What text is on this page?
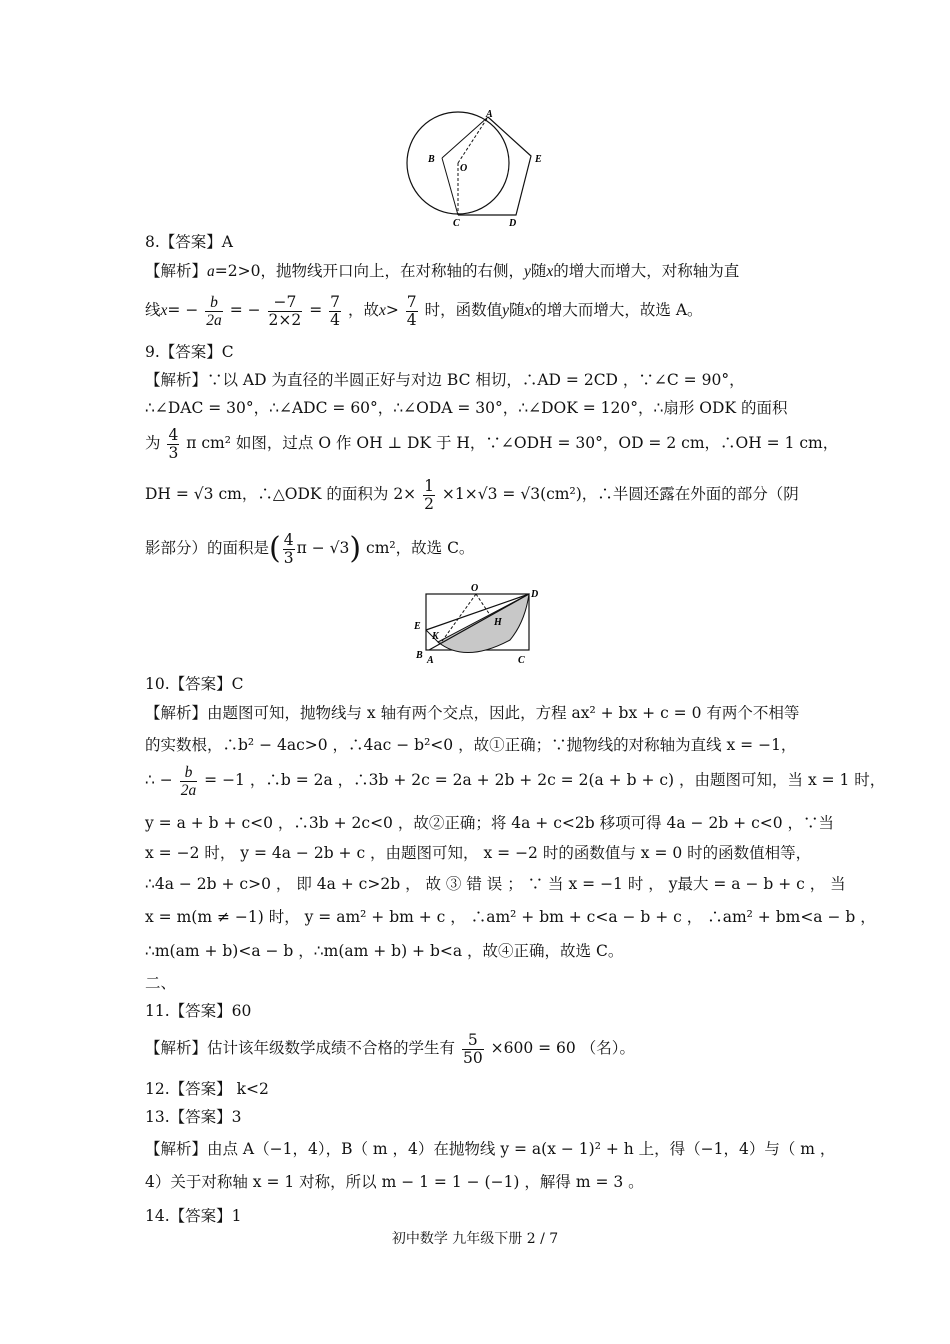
A
B
O
C	D
E
8.【答案】A
【解析】a=2>0，抛物线开口向上，在对称轴的右侧，y随x的增大而增大，对称轴为直
线$x= - \frac{b}{2a}$ = − $\frac{-7}{2\times 2} = \frac{7}{4}$ ，故$x> \frac{7}{4}$ 时，函数值y随x的增大而增大，故选 A。
9.【答案】C
【解析】∵以 AD 为直径的半圆正好与对边 BC 相切，∴AD = 2CD ，∵∠C = 90°，
∴∠DAC = 30°，∴∠ADC = 60°，∴∠ODA = 30°，∴∠DOK = 120°，∴扇形 ODK 的面积
为 $\frac{4}{3}$ π cm² 如图，过点 O 作 OH ⊥ DK 于 H，∵∠ODH = 30°，OD = 2 cm，∴OH = 1 cm，
DH = √3 cm，∴△ODK 的面积为 $2\times \frac{1}{2} \times 1\times√3 = √3(cm^2)$，∴半圆还露在外面的部分（阴
影部分）的面积是( $\frac{4}{3}$ π − √3) cm²，故选 C。
O
D
E	H
K
B A	C
10.【答案】C
【解析】由题图可知，抛物线与 x 轴有两个交点，因此，方程 ax² + bx + c = 0 有两个不相等
的实数根，∴b² − 4ac>0 ，∴4ac − b²<0 ，故①正确；∵抛物线的对称轴为直线 x = −1，
∴ − $\frac{b}{2a} = -1$ ，∴b = 2a ，∴3b + 2c = 2a + 2b + 2c = 2(a + b + c) ，由题图可知，当 x = 1 时，
y = a + b + c<0 ，∴3b + 2c<0 ，故②正确；将 4a + c<2b 移项可得 4a − 2b + c<0 ，∵当
x = −2 时， y = 4a − 2b + c ，由题图可知， x = −2 时的函数值与 x = 0 时的函数值相等，
∴4a − 2b + c>0 ， 即 4a + c>2b ， 故 ③ 错 误 ； ∵ 当 x = −1 时 ， y最大 = a − b + c ， 当
x = m(m ≠ −1) 时， y = am² + bm + c ， ∴am² + bm + c<a − b + c ， ∴am² + bm<a − b ，
∴m(am + b)<a − b ，∴m(am + b) + b<a ，故④正确，故选 C。
二、
11.【答案】60
【解析】估计该年级数学成绩不合格的学生有 $\frac{5}{50} \times 600 = 60$ （名）。
12.【答案】 k<2
13.【答案】3
【解析】由点 A（−1，4），B（ m ，4）在抛物线 y = a(x − 1)² + h 上，得（−1，4）与（ m ，
4）关于对称轴 x = 1 对称，所以 m − 1 = 1 − (−1) ，解得 m = 3 。
14.【答案】1
初中数学 九年级下册 2 / 7
